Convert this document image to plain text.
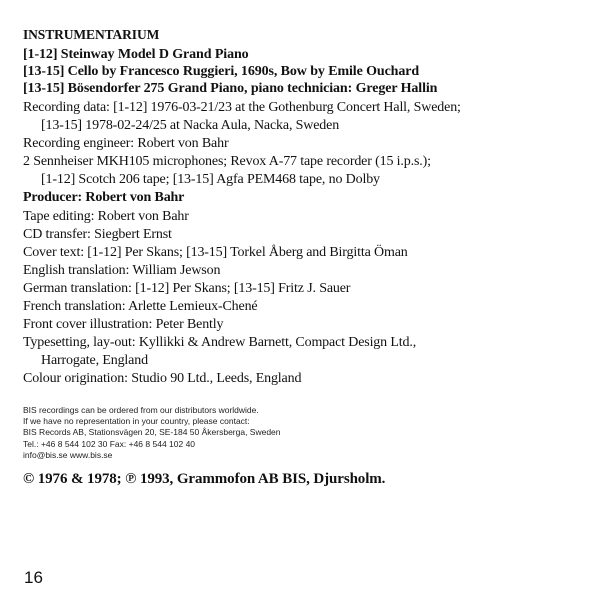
INSTRUMENTARIUM
[1-12] Steinway Model D Grand Piano
[13-15] Cello by Francesco Ruggieri, 1690s, Bow by Emile Ouchard
[13-15] Bösendorfer 275 Grand Piano, piano technician: Greger Hallin
Recording data: [1-12] 1976-03-21/23 at the Gothenburg Concert Hall, Sweden;
[13-15] 1978-02-24/25 at Nacka Aula, Nacka, Sweden
Recording engineer: Robert von Bahr
2 Sennheiser MKH105 microphones; Revox A-77 tape recorder (15 i.p.s.);
[1-12] Scotch 206 tape; [13-15] Agfa PEM468 tape, no Dolby
Producer: Robert von Bahr
Tape editing: Robert von Bahr
CD transfer: Siegbert Ernst
Cover text: [1-12] Per Skans; [13-15] Torkel Åberg and Birgitta Öman
English translation: William Jewson
German translation: [1-12] Per Skans; [13-15] Fritz J. Sauer
French translation: Arlette Lemieux-Chené
Front cover illustration: Peter Bently
Typesetting, lay-out: Kyllikki & Andrew Barnett, Compact Design Ltd.,
Harrogate, England
Colour origination: Studio 90 Ltd., Leeds, England
BIS recordings can be ordered from our distributors worldwide.
If we have no representation in your country, please contact:
BIS Records AB, Stationsvägen 20, SE-184 50 Åkersberga, Sweden
Tel.: +46 8 544 102 30 Fax: +46 8 544 102 40
info@bis.se www.bis.se
© 1976 & 1978; ℗ 1993, Grammofon AB BIS, Djursholm.
16
